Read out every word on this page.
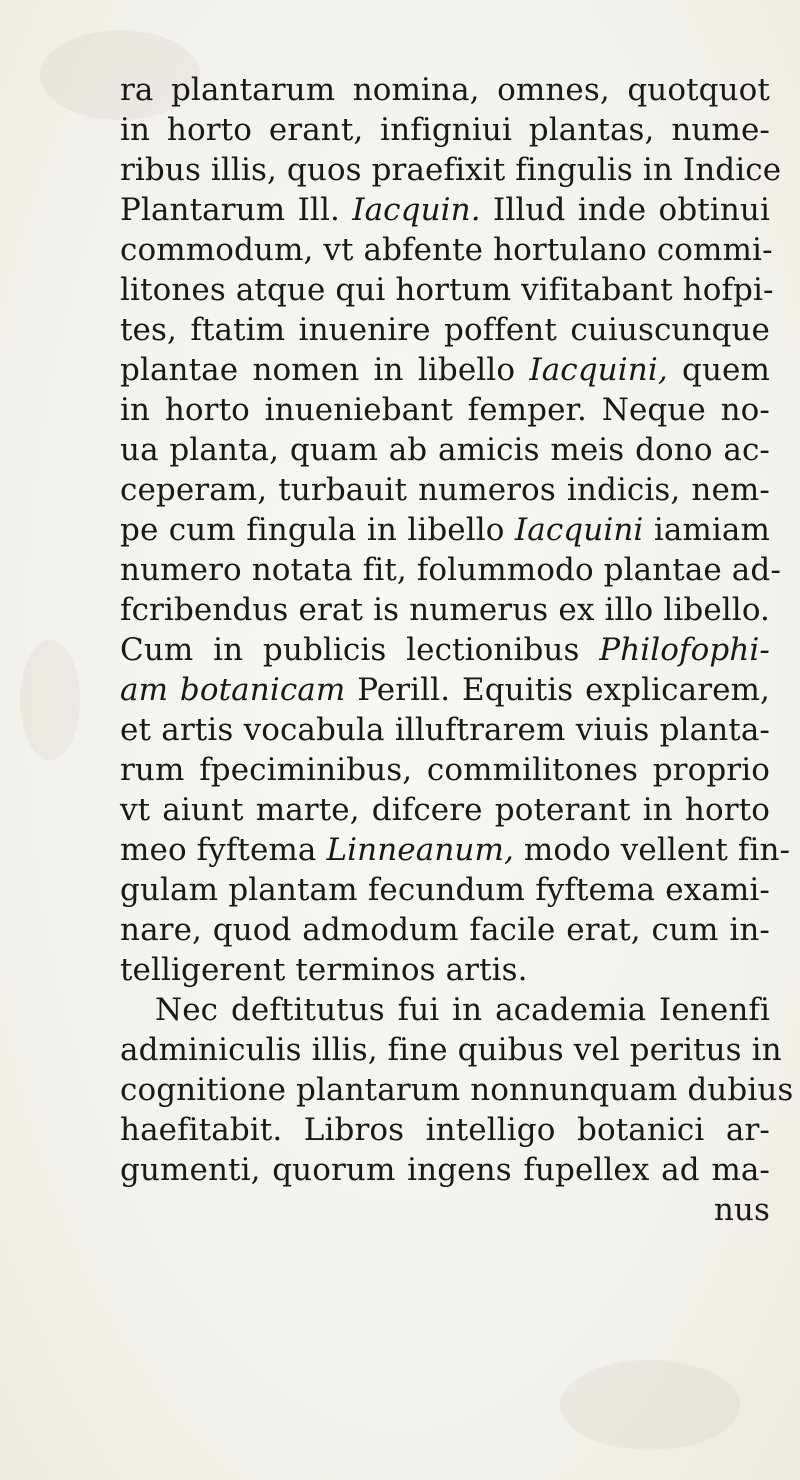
ra plantarum nomina, omnes, quotquot
in horto erant, infigniui plantas, nume-
ribus illis, quos praefixit fingulis in Indice
Plantarum Ill. Iacquin. Illud inde obtinui
commodum, vt abfente hortulano commi-
litones atque qui hortum vifitabant hofpi-
tes, ftatim inuenire poffent cuiuscunque
plantae nomen in libello Iacquini, quem
in horto inueniebant femper. Neque no-
ua planta, quam ab amicis meis dono ac-
ceperam, turbauit numeros indicis, nem-
pe cum fingula in libello Iacquini iamiam
numero notata fit, folummodo plantae ad-
fcribendus erat is numerus ex illo libello.
Cum in publicis lectionibus Philofophi-
am botanicam Perill. Equitis explicarem,
et artis vocabula illuftrarem viuis planta-
rum fpeciminibus, commilitones proprio
vt aiunt marte, difcere poterant in horto
meo fyftema Linneanum, modo vellent fin-
gulam plantam fecundum fyftema exami-
nare, quod admodum facile erat, cum in-
telligerent terminos artis.
Nec deftitutus fui in academia Ienenfi
adminiculis illis, fine quibus vel peritus in
cognitione plantarum nonnunquam dubius
haefitabit. Libros intelligo botanici ar-
gumenti, quorum ingens fupellex ad ma-
nus
